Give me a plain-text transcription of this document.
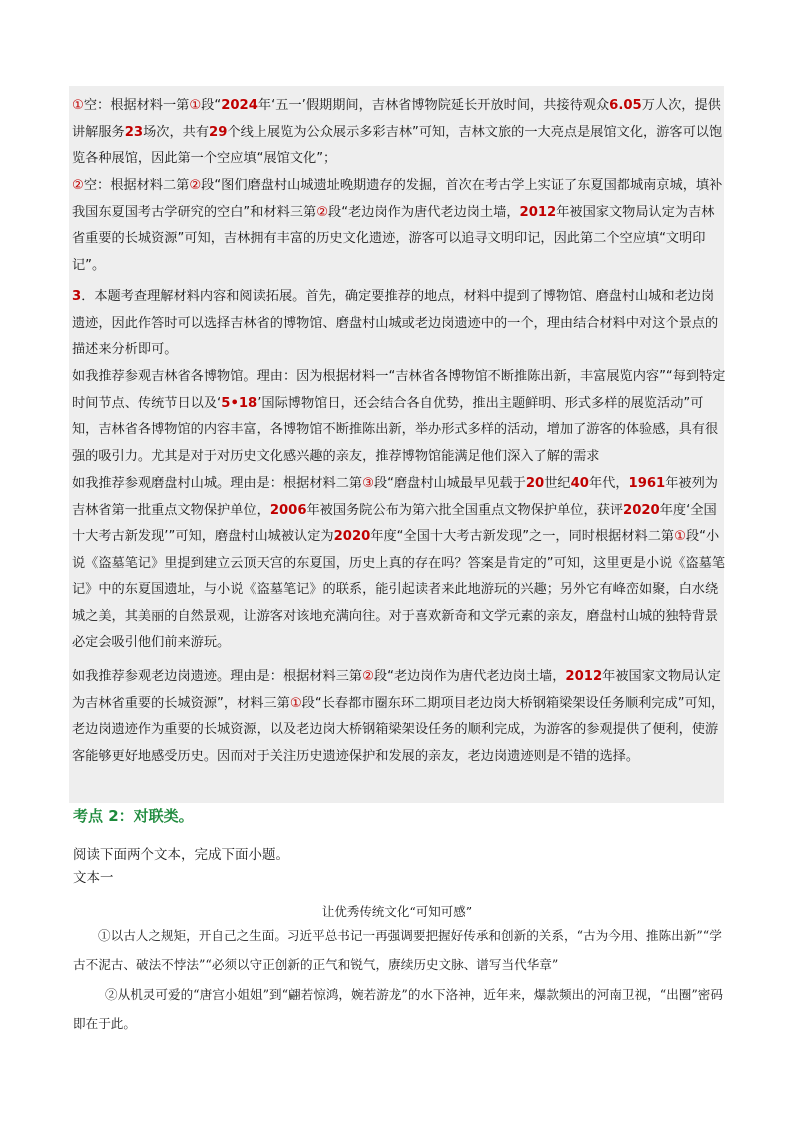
①空：根据材料一第①段“2024年‘五一’假期期间，吉林省博物院延长开放时间，共接待观众6.05万人次，提供讲解服务23场次，共有29个线上展览为公众展示多彩吉林”可知，吉林文旅的一大亮点是展馆文化，游客可以饱览各种展馆，因此第一个空应填“展馆文化”；
②空：根据材料二第②段“图们磨盘村山城遗址晚期遗存的发掘，首次在考古学上实证了东夏国都城南京城，填补我国东夏国考古学研究的空白”和材料三第②段“老边岗作为唐代老边岗土墙，2012年被国家文物局认定为吉林省重要的长城资源”可知，吉林拥有丰富的历史文化遗迹，游客可以追寻文明印记，因此第二个空应填“文明印记”。
3．本题考查理解材料内容和阅读拓展。首先，确定要推荐的地点，材料中提到了博物馆、磨盘村山城和老边岗遗迹，因此作答时可以选择吉林省的博物馆、磨盘村山城或老边岗遗迹中的一个，理由结合材料中对这个景点的描述来分析即可。
如我推荐参观吉林省各博物馆。理由：因为根据材料一“吉林省各博物馆不断推陈出新，丰富展览内容”“每到特定时间节点、传统节日以及‘5•18’国际博物馆日，还会结合各自优势，推出主题鲜明、形式多样的展览活动”可知，吉林省各博物馆的内容丰富，各博物馆不断推陈出新，举办形式多样的活动，增加了游客的体验感，具有很强的吸引力。尤其是对于对历史文化感兴趣的亲友，推荐博物馆能满足他们深入了解的需求
如我推荐参观磨盘村山城。理由是：根据材料二第③段“磨盘村山城最早见载于20世纪40年代，1961年被列为吉林省第一批重点文物保护单位，2006年被国务院公布为第六批全国重点文物保护单位，获评2020年度‘全国十大考古新发现’”可知，磨盘村山城被认定为2020年度“全国十大考古新发现”之一，同时根据材料二第①段“小说《盗墓笔记》里提到建立云顶天宫的东夏国，历史上真的存在吗？答案是肯定的”可知，这里更是小说《盗墓笔记》中的东夏国遗址，与小说《盗墓笔记》的联系，能引起读者来此地游玩的兴趣；另外它有峰峦如聚，白水绕城之美，其美丽的自然景观，让游客对该地充满向往。对于喜欢新奇和文学元素的亲友，磨盘村山城的独特背景必定会吸引他们前来游玩。
如我推荐参观老边岗遗迹。理由是：根据材料三第②段“老边岗作为唐代老边岗土墙，2012年被国家文物局认定为吉林省重要的长城资源”，材料三第①段“长春都市圈东环二期项目老边岗大桥钢箱梁架设任务顺利完成”可知，老边岗遗迹作为重要的长城资源，以及老边岗大桥钢箱梁架设任务的顺利完成，为游客的参观提供了便利，使游客能够更好地感受历史。因而对于关注历史遗迹保护和发展的亲友，老边岗遗迹则是不错的选择。
考点 2：对联类。
阅读下面两个文本，完成下面小题。
文本一
让优秀传统文化“可知可感”
①以古人之规矩，开自己之生面。习近平总书记一再强调要把握好传承和创新的关系，“古为今用、推陈出新”“学古不泥古、破法不悖法”“必须以守正创新的正气和锐气，赓续历史文脉、谱写当代华章”
②从机灵可爱的“唐宫小姐姐”到“翩若惊鸿，婉若游龙”的水下洛神，近年来，爆款频出的河南卫视，“出圈”密码即在于此。
